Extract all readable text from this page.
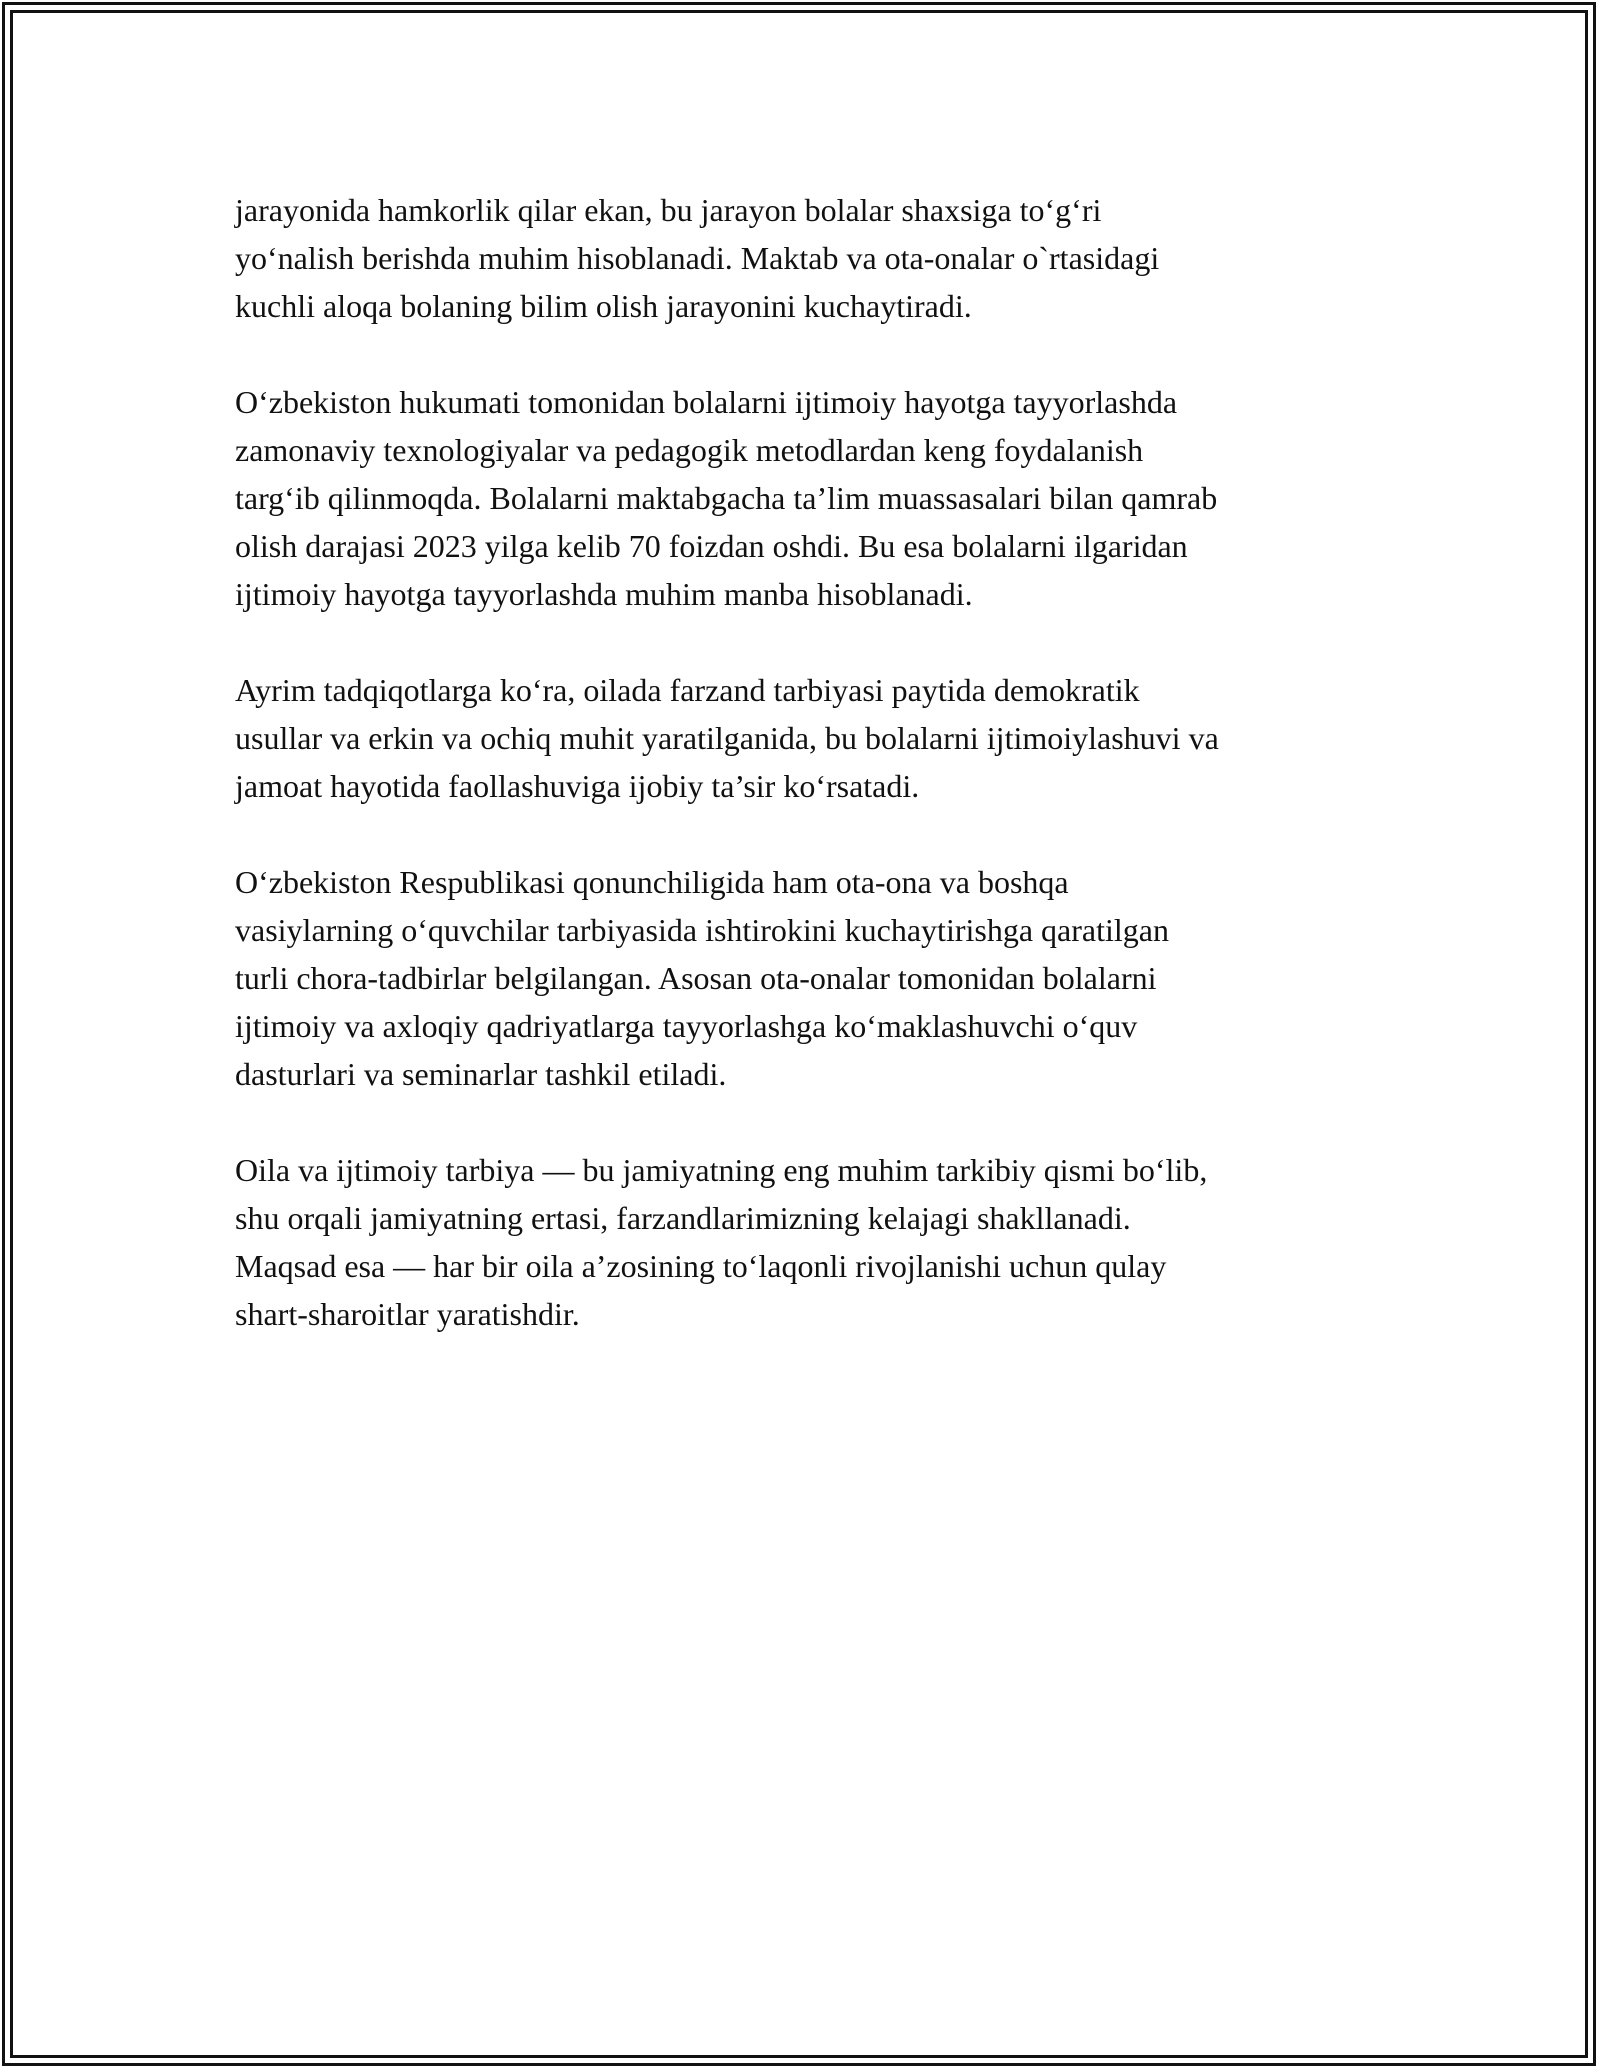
jarayonida hamkorlik qilar ekan, bu jarayon bolalar shaxsiga to‘g‘ri
yo‘nalish berishda muhim hisoblanadi. Maktab va ota-onalar o`rtasidagi
kuchli aloqa bolaning bilim olish jarayonini kuchaytiradi.

O‘zbekiston hukumati tomonidan bolalarni ijtimoiy hayotga tayyorlashda
zamonaviy texnologiyalar va pedagogik metodlardan keng foydalanish
targ‘ib qilinmoqda. Bolalarni maktabgacha ta’lim muassasalari bilan qamrab
olish darajasi 2023 yilga kelib 70 foizdan oshdi. Bu esa bolalarni ilgaridan
ijtimoiy hayotga tayyorlashda muhim manba hisoblanadi.

Ayrim tadqiqotlarga ko‘ra, oilada farzand tarbiyasi paytida demokratik
usullar va erkin va ochiq muhit yaratilganida, bu bolalarni ijtimoiylashuvi va
jamoat hayotida faollashuviga ijobiy ta’sir ko‘rsatadi.

O‘zbekiston Respublikasi qonunchiligida ham ota-ona va boshqa
vasiylarning o‘quvchilar tarbiyasida ishtirokini kuchaytirishga qaratilgan
turli chora-tadbirlar belgilangan. Asosan ota-onalar tomonidan bolalarni
ijtimoiy va axloqiy qadriyatlarga tayyorlashga ko‘maklashuvchi o‘quv
dasturlari va seminarlar tashkil etiladi.

Oila va ijtimoiy tarbiya — bu jamiyatning eng muhim tarkibiy qismi bo‘lib,
shu orqali jamiyatning ertasi, farzandlarimizning kelajagi shakllanadi.
Maqsad esa — har bir oila a’zosining to‘laqonli rivojlanishi uchun qulay
shart-sharoitlar yaratishdir.
